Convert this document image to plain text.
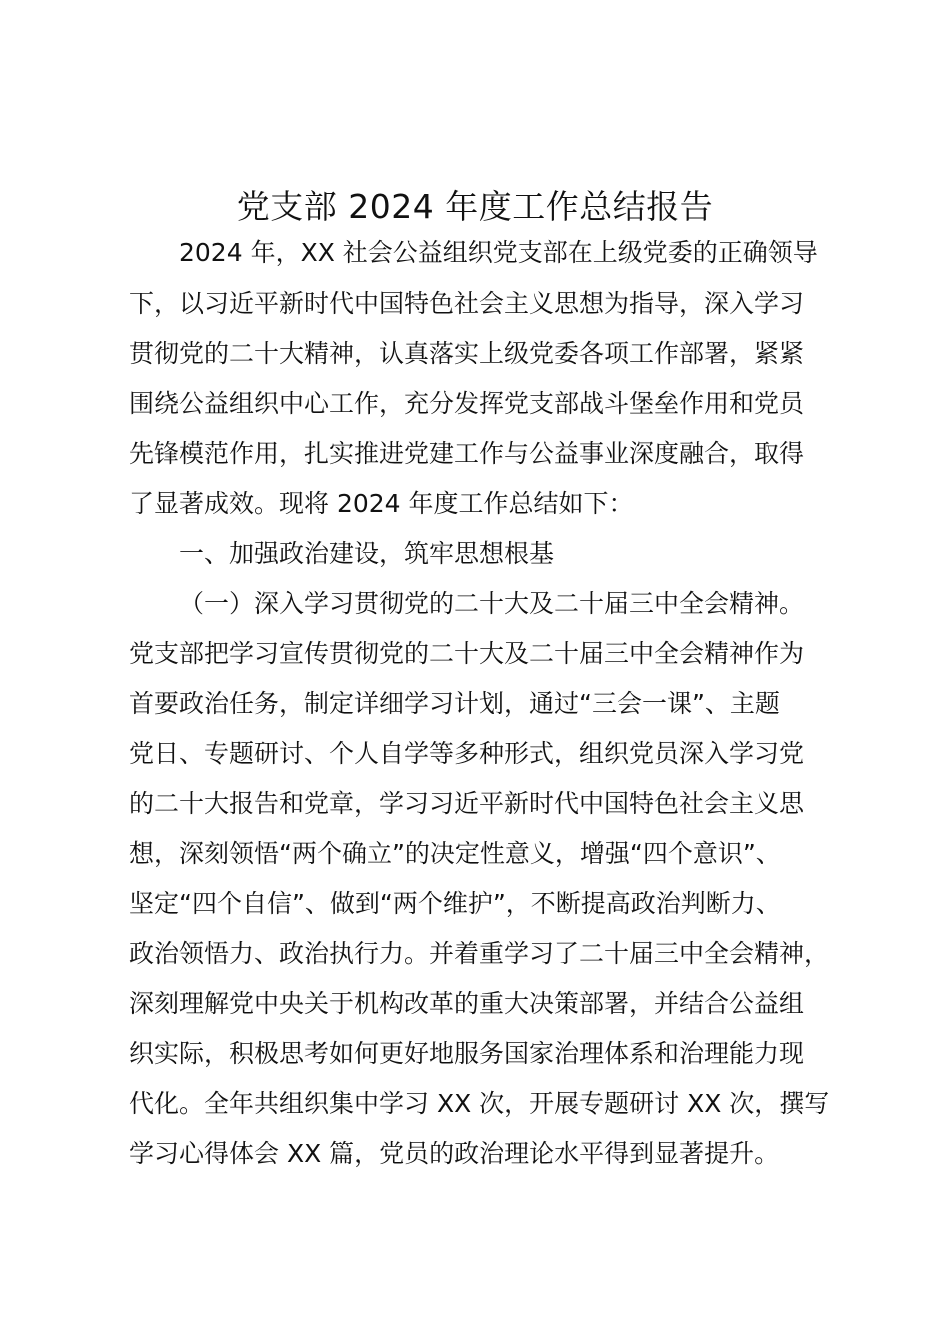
党支部 2024 年度工作总结报告
2024 年，XX 社会公益组织党支部在上级党委的正确领导
下，以习近平新时代中国特色社会主义思想为指导，深入学习
贯彻党的二十大精神，认真落实上级党委各项工作部署，紧紧
围绕公益组织中心工作，充分发挥党支部战斗堡垒作用和党员
先锋模范作用，扎实推进党建工作与公益事业深度融合，取得
了显著成效。现将 2024 年度工作总结如下：
一、加强政治建设，筑牢思想根基
（一）深入学习贯彻党的二十大及二十届三中全会精神。
党支部把学习宣传贯彻党的二十大及二十届三中全会精神作为
首要政治任务，制定详细学习计划，通过“三会一课”、主题
党日、专题研讨、个人自学等多种形式，组织党员深入学习党
的二十大报告和党章，学习习近平新时代中国特色社会主义思
想，深刻领悟“两个确立”的决定性意义，增强“四个意识”、
坚定“四个自信”、做到“两个维护”，不断提高政治判断力、
政治领悟力、政治执行力。并着重学习了二十届三中全会精神，
深刻理解党中央关于机构改革的重大决策部署，并结合公益组
织实际，积极思考如何更好地服务国家治理体系和治理能力现
代化。全年共组织集中学习 XX 次，开展专题研讨 XX 次，撰写
学习心得体会 XX 篇，党员的政治理论水平得到显著提升。
